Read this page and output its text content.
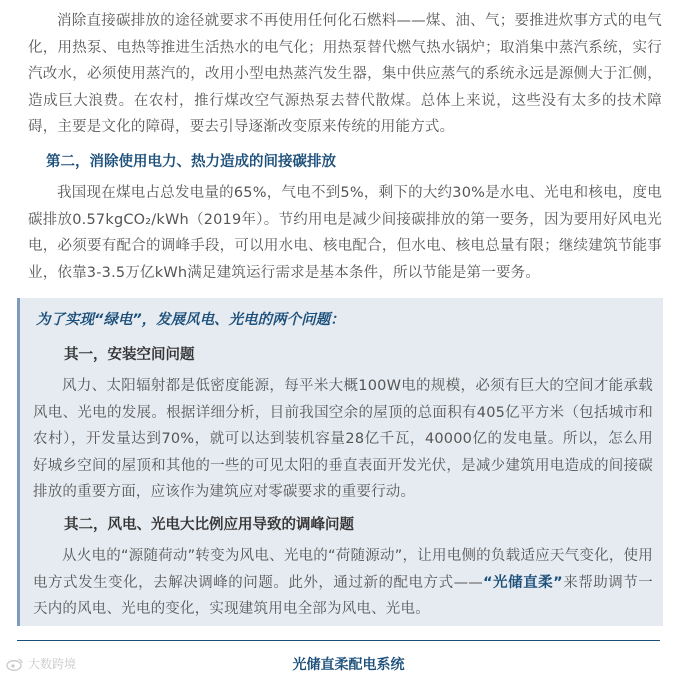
消除直接碳排放的途径就要求不再使用任何化石燃料——煤、油、气；要推进炊事方式的电气化，用热泵、电热等推进生活热水的电气化；用热泵替代燃气热水锅炉；取消集中蒸汽系统，实行汽改水，必须使用蒸汽的，改用小型电热蒸汽发生器，集中供应蒸气的系统永远是源侧大于汇侧，造成巨大浪费。在农村，推行煤改空气源热泵去替代散煤。总体上来说，这些没有太多的技术障碍，主要是文化的障碍，要去引导逐渐改变原来传统的用能方式。

第二，消除使用电力、热力造成的间接碳排放

我国现在煤电占总发电量的65%，气电不到5%，剩下的大约30%是水电、光电和核电，度电碳排放0.57kgCO₂/kWh（2019年）。节约用电是减少间接碳排放的第一要务，因为要用好风电光电，必须要有配合的调峰手段，可以用水电、核电配合，但水电、核电总量有限；继续建筑节能事业，依靠3-3.5万亿kWh满足建筑运行需求是基本条件，所以节能是第一要务。

为了实现“绿电”，发展风电、光电的两个问题：

其一，安装空间问题

风力、太阳辐射都是低密度能源，每平米大概100W电的规模，必须有巨大的空间才能承载风电、光电的发展。根据详细分析，目前我国空余的屋顶的总面积有405亿平方米（包括城市和农村），开发量达到70%，就可以达到装机容量28亿千瓦，40000亿的发电量。所以，怎么用好城乡空间的屋顶和其他的一些的可见太阳的垂直表面开发光伏，是减少建筑用电造成的间接碳排放的重要方面，应该作为建筑应对零碳要求的重要行动。

其二，风电、光电大比例应用导致的调峰问题

从火电的“源随荷动”转变为风电、光电的“荷随源动”，让用电侧的负载适应天气变化，使用电方式发生变化，去解决调峰的问题。此外，通过新的配电方式——“光储直柔”来帮助调节一天内的风电、光电的变化，实现建筑用电全部为风电、光电。

光储直柔配电系统

大数跨境
